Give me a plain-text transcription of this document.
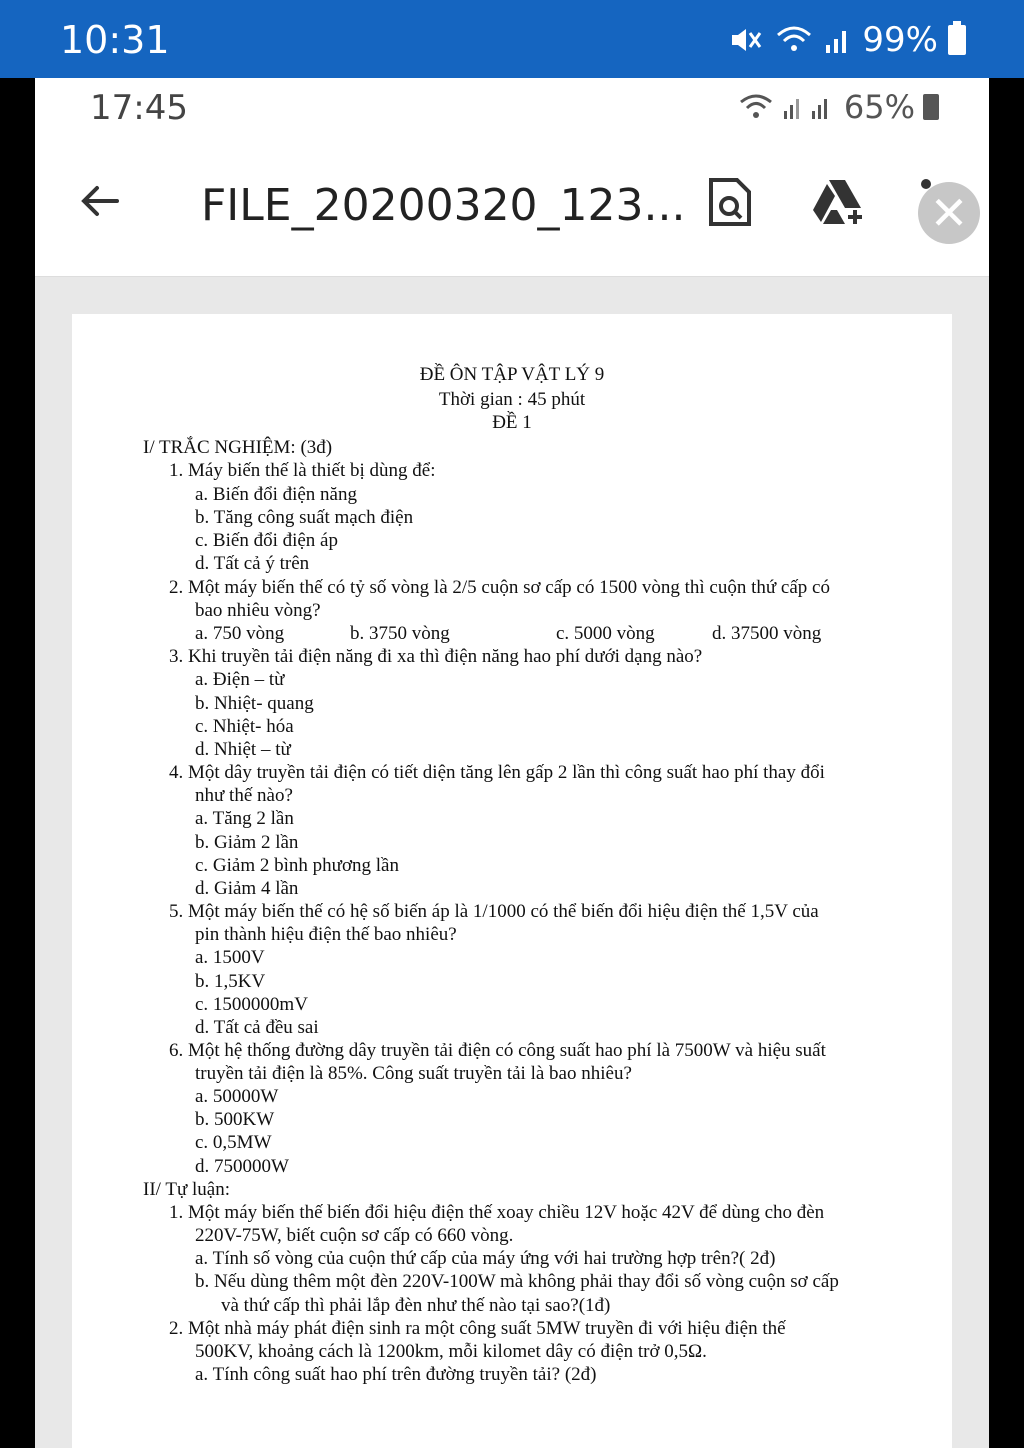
10:31	99%
17:45	65%
FILE_20200320_123...	✕
ĐỀ ÔN TẬP VẬT LÝ 9
Thời gian : 45 phút
ĐỀ 1
I/ TRẮC NGHIỆM: (3đ)
1. Máy biến thế là thiết bị dùng để:
a. Biến đổi điện năng
b. Tăng công suất mạch điện
c. Biến đổi điện áp
d. Tất cả ý trên
2. Một máy biến thế có tỷ số vòng là 2/5 cuộn sơ cấp có 1500 vòng thì cuộn thứ cấp có
bao nhiêu vòng?
a. 750 vòng	b. 3750 vòng	c. 5000 vòng	d. 37500 vòng
3. Khi truyền tải điện năng đi xa thì điện năng hao phí dưới dạng nào?
a. Điện – từ
b. Nhiệt- quang
c. Nhiệt- hóa
d. Nhiệt – từ
4. Một dây truyền tải điện có tiết diện tăng lên gấp 2 lần thì công suất hao phí thay đổi
như thế nào?
a. Tăng 2 lần
b. Giảm 2 lần
c. Giảm 2 bình phương lần
d. Giảm 4 lần
5. Một máy biến thế có hệ số biến áp là 1/1000 có thể biến đổi hiệu điện thế 1,5V của
pin thành hiệu điện thế bao nhiêu?
a. 1500V
b. 1,5KV
c. 1500000mV
d. Tất cả đều sai
6. Một hệ thống đường dây truyền tải điện có công suất hao phí là 7500W và hiệu suất
truyền tải điện là 85%. Công suất truyền tải là bao nhiêu?
a. 50000W
b. 500KW
c. 0,5MW
d. 750000W
II/ Tự luận:
1. Một máy biến thế biến đổi hiệu điện thế xoay chiều 12V hoặc 42V để dùng cho đèn
220V-75W, biết cuộn sơ cấp có 660 vòng.
a. Tính số vòng của cuộn thứ cấp của máy ứng với hai trường hợp trên?( 2đ)
b. Nếu dùng thêm một đèn 220V-100W mà không phải thay đổi số vòng cuộn sơ cấp
và thứ cấp thì phải lắp đèn như thế nào tại sao?(1đ)
2. Một nhà máy phát điện sinh ra một công suất 5MW truyền đi với hiệu điện thế
500KV, khoảng cách là 1200km, mỗi kilomet dây có điện trở 0,5Ω.
a. Tính công suất hao phí trên đường truyền tải? (2đ)
